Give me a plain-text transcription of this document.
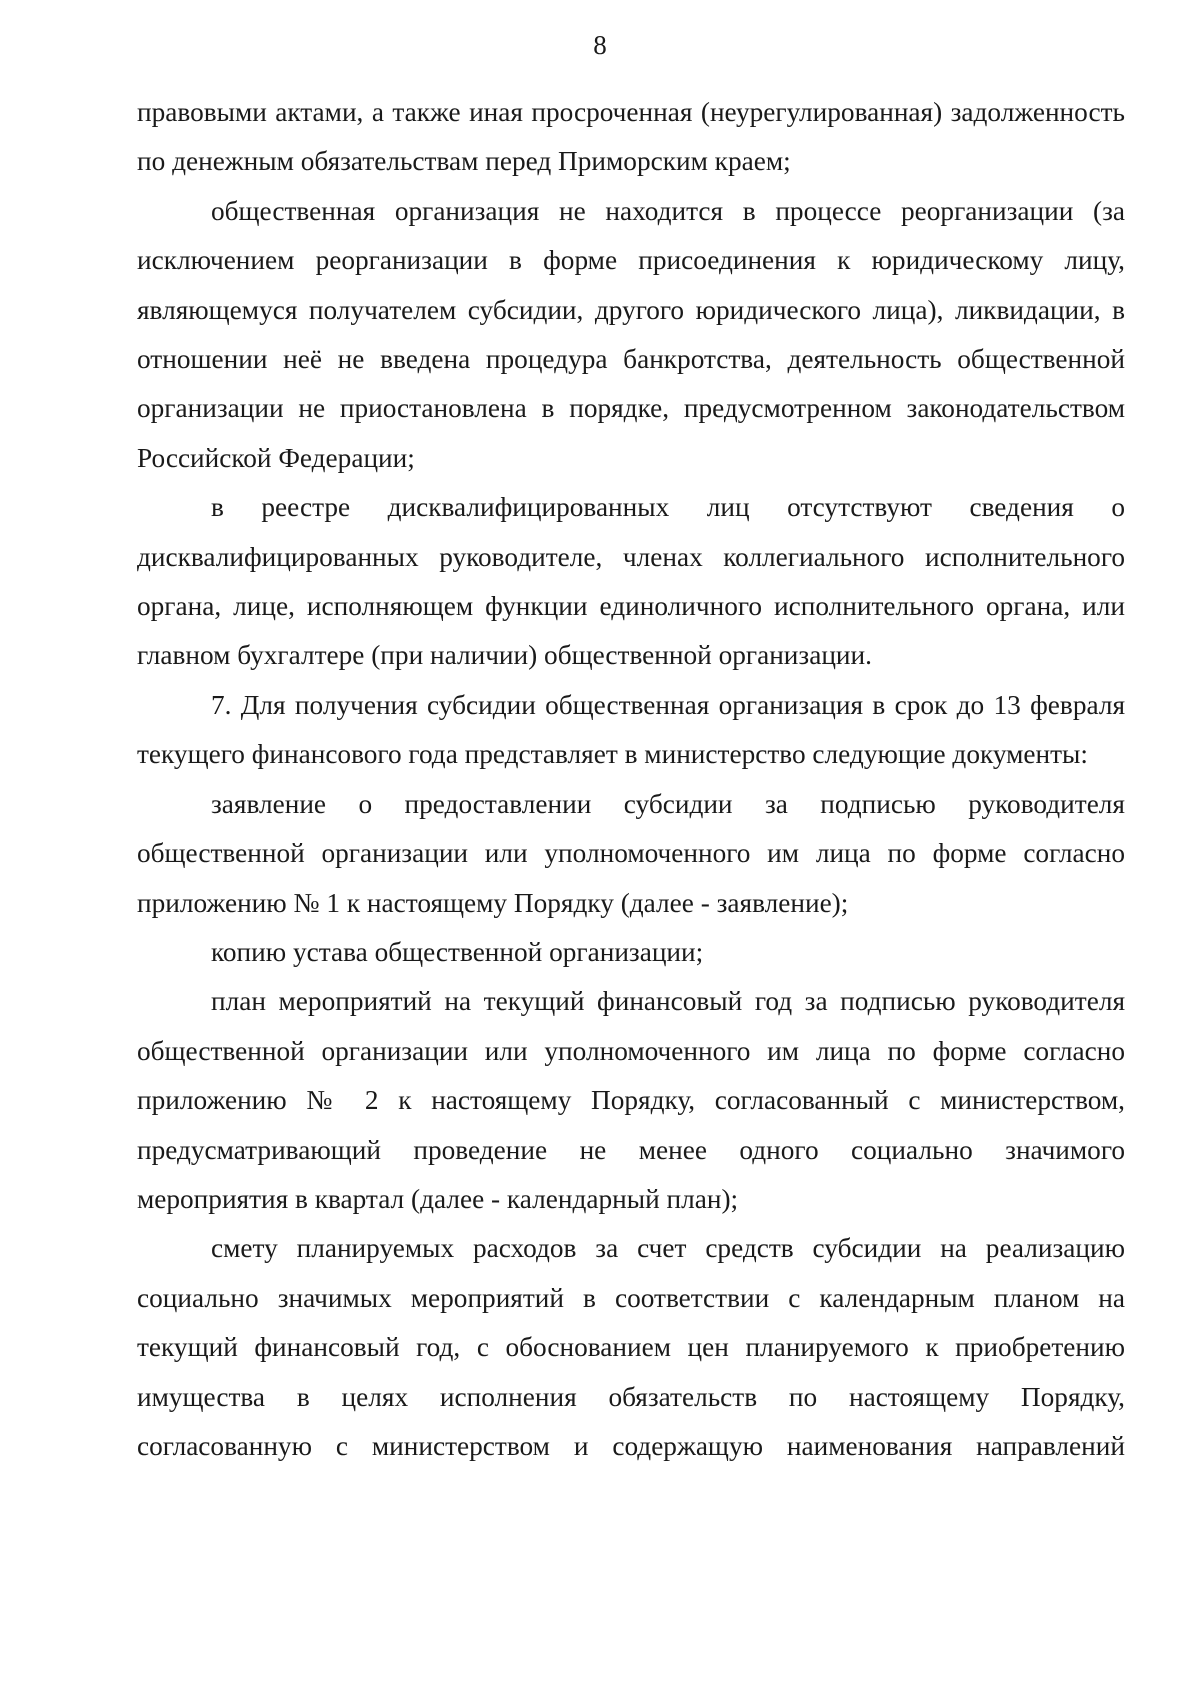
8

правовыми актами, а также иная просроченная (неурегулированная) задолженность по денежным обязательствам перед Приморским краем;

общественная организация не находится в процессе реорганизации (за исключением реорганизации в форме присоединения к юридическому лицу, являющемуся получателем субсидии, другого юридического лица), ликвидации, в отношении неё не введена процедура банкротства, деятельность общественной организации не приостановлена в порядке, предусмотренном законодательством Российской Федерации;

в реестре дисквалифицированных лиц отсутствуют сведения о дисквалифицированных руководителе, членах коллегиального исполнительного органа, лице, исполняющем функции единоличного исполнительного органа, или главном бухгалтере (при наличии) общественной организации.

7. Для получения субсидии общественная организация в срок до 13 февраля текущего финансового года представляет в министерство следующие документы:

заявление о предоставлении субсидии за подписью руководителя общественной организации или уполномоченного им лица по форме согласно приложению № 1 к настоящему Порядку (далее - заявление);

копию устава общественной организации;

план мероприятий на текущий финансовый год за подписью руководителя общественной организации или уполномоченного им лица по форме согласно приложению № 2 к настоящему Порядку, согласованный с министерством, предусматривающий проведение не менее одного социально значимого мероприятия в квартал (далее - календарный план);

смету планируемых расходов за счет средств субсидии на реализацию социально значимых мероприятий в соответствии с календарным планом на текущий финансовый год, с обоснованием цен планируемого к приобретению имущества в целях исполнения обязательств по настоящему Порядку, согласованную с министерством и содержащую наименования направлений
